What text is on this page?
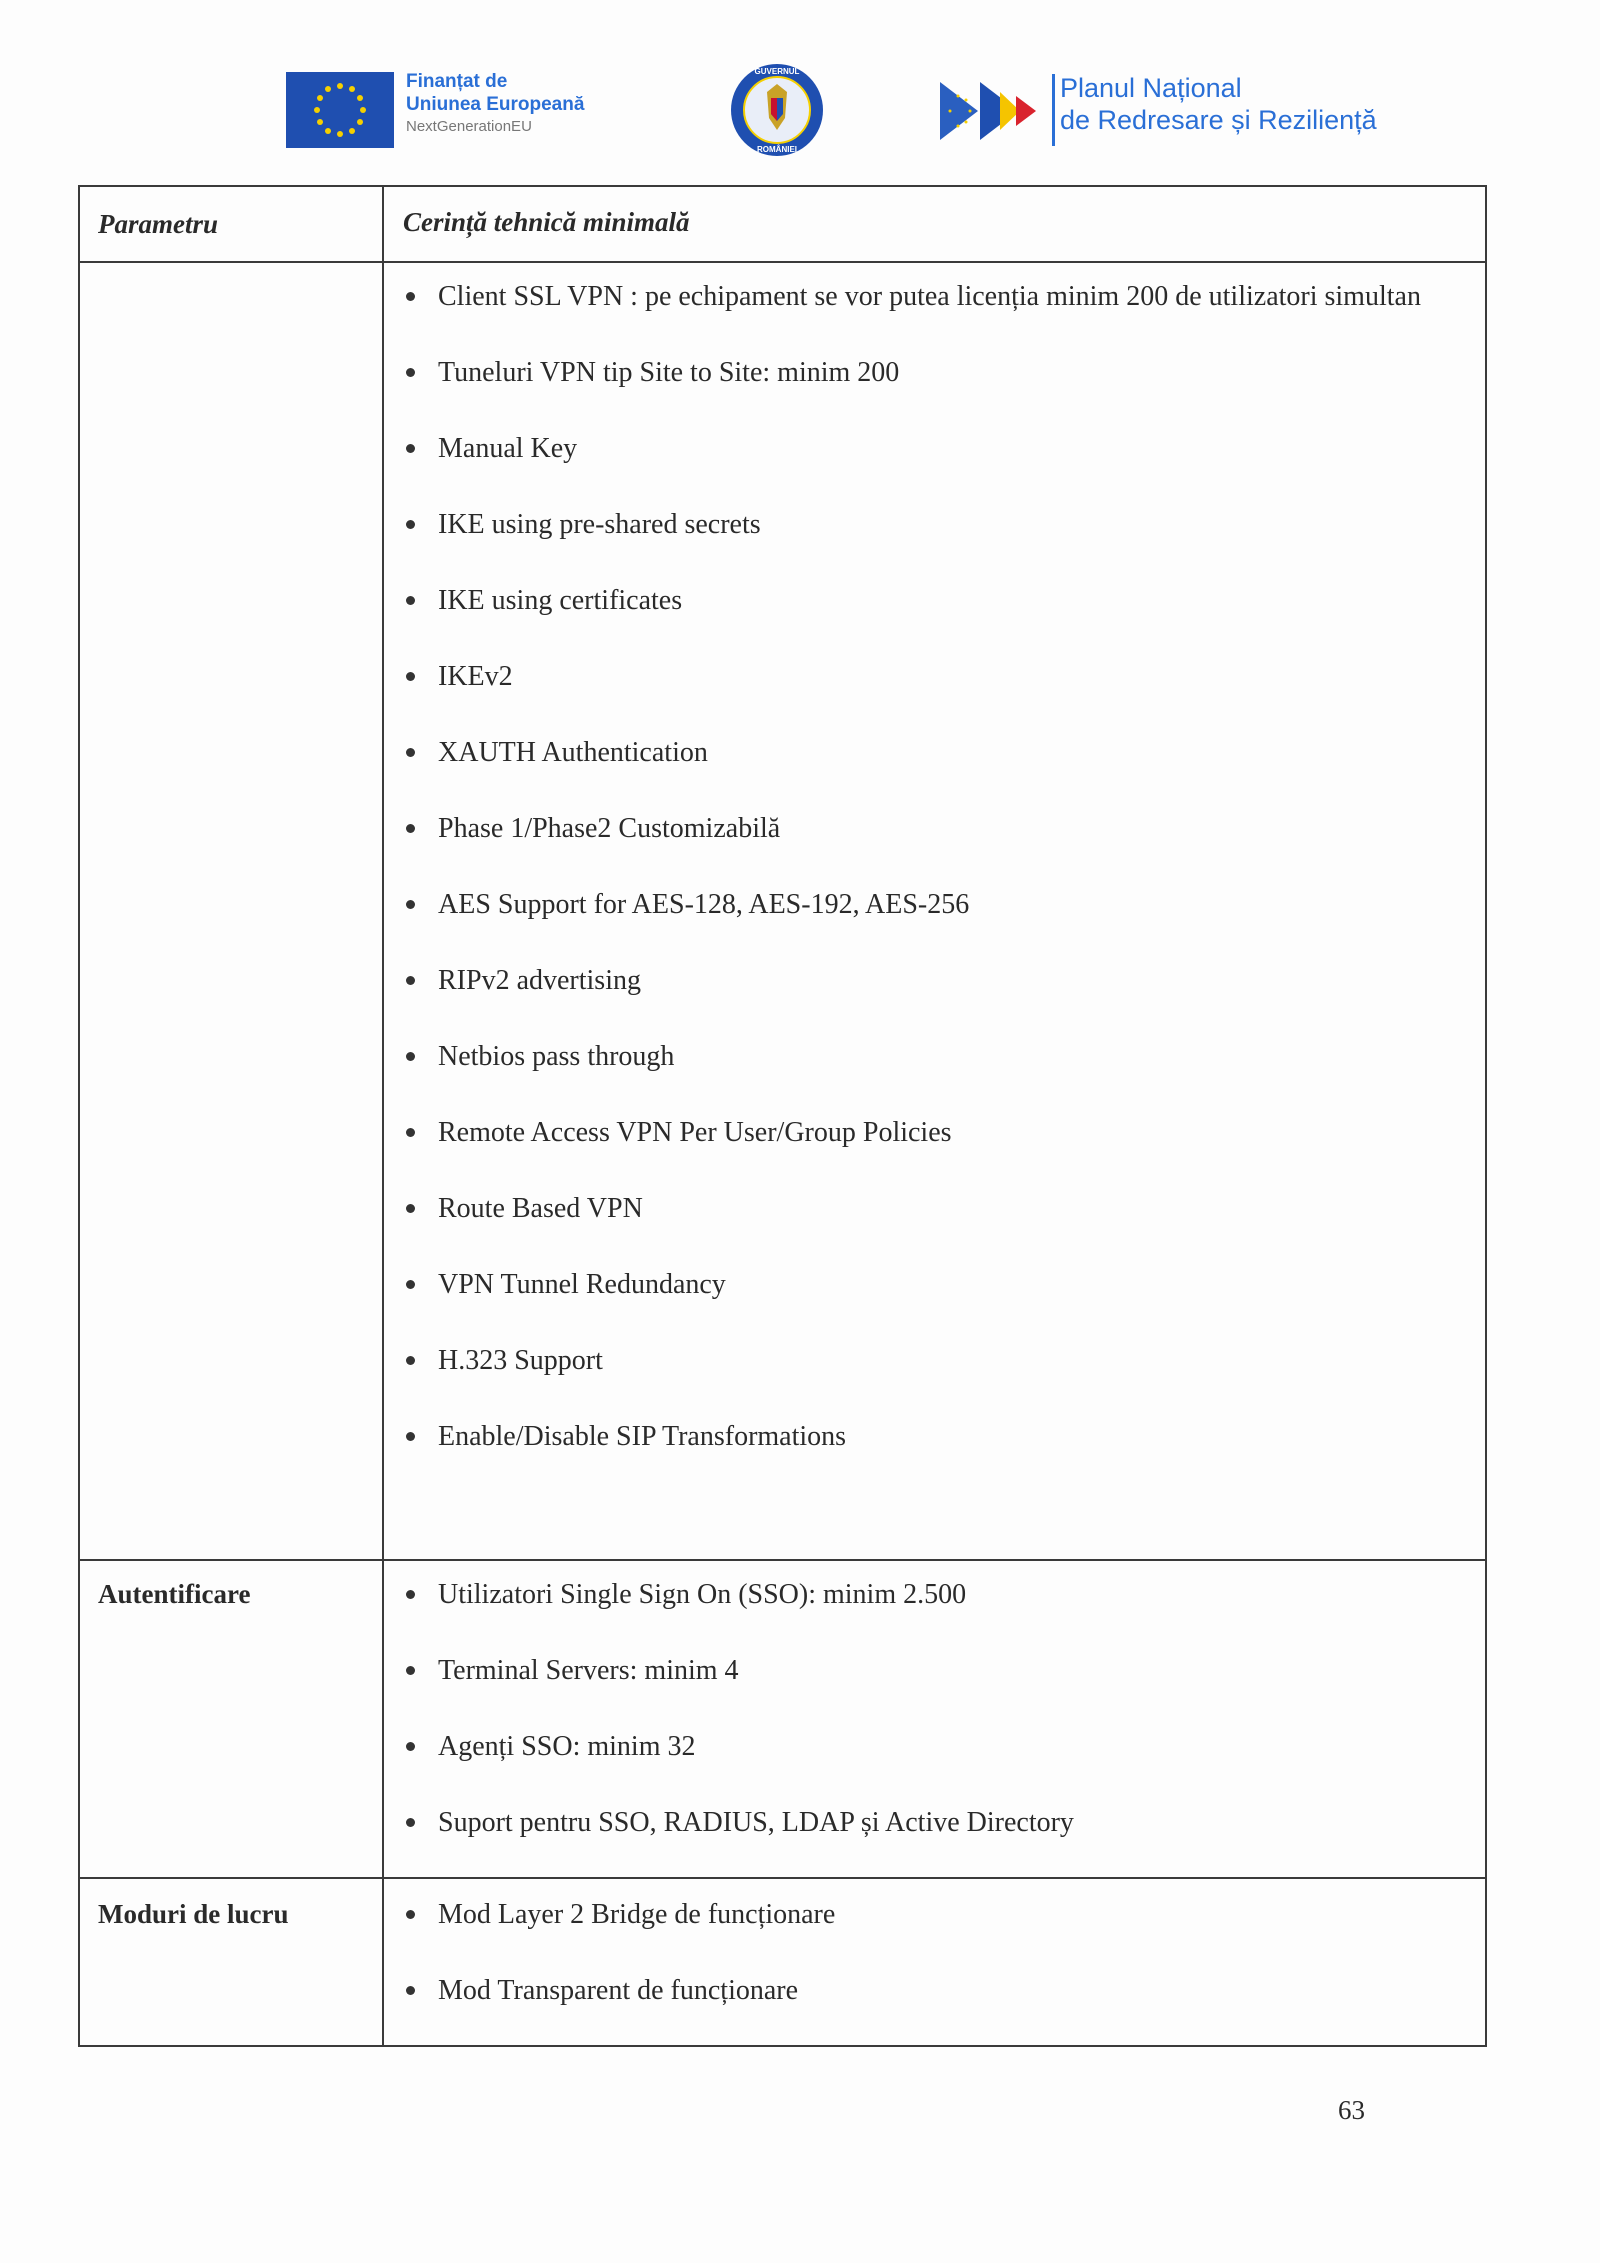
Finanțat de
Uniunea Europeană
NextGenerationEU
GUVERNUL
ROMÂNIEI
Planul Național
de Redresare și Reziliență
Parametru	Cerință tehnică minimală
Client SSL VPN : pe echipament se vor putea licenția minim 200 de utilizatori simultan
Tuneluri VPN tip Site to Site: minim 200
Manual Key
IKE using pre-shared secrets
IKE using certificates
IKEv2
XAUTH Authentication
Phase 1/Phase2 Customizabilă
AES Support for AES-128, AES-192, AES-256
RIPv2 advertising
Netbios pass through
Remote Access VPN Per User/Group Policies
Route Based VPN
VPN Tunnel Redundancy
H.323 Support
Enable/Disable SIP Transformations
Autentificare	Utilizatori Single Sign On (SSO): minim 2.500
Terminal Servers: minim 4
Agenți SSO: minim 32
Suport pentru SSO, RADIUS, LDAP și Active Directory
Moduri de lucru	Mod Layer 2 Bridge de funcționare
Mod Transparent de funcționare
63
